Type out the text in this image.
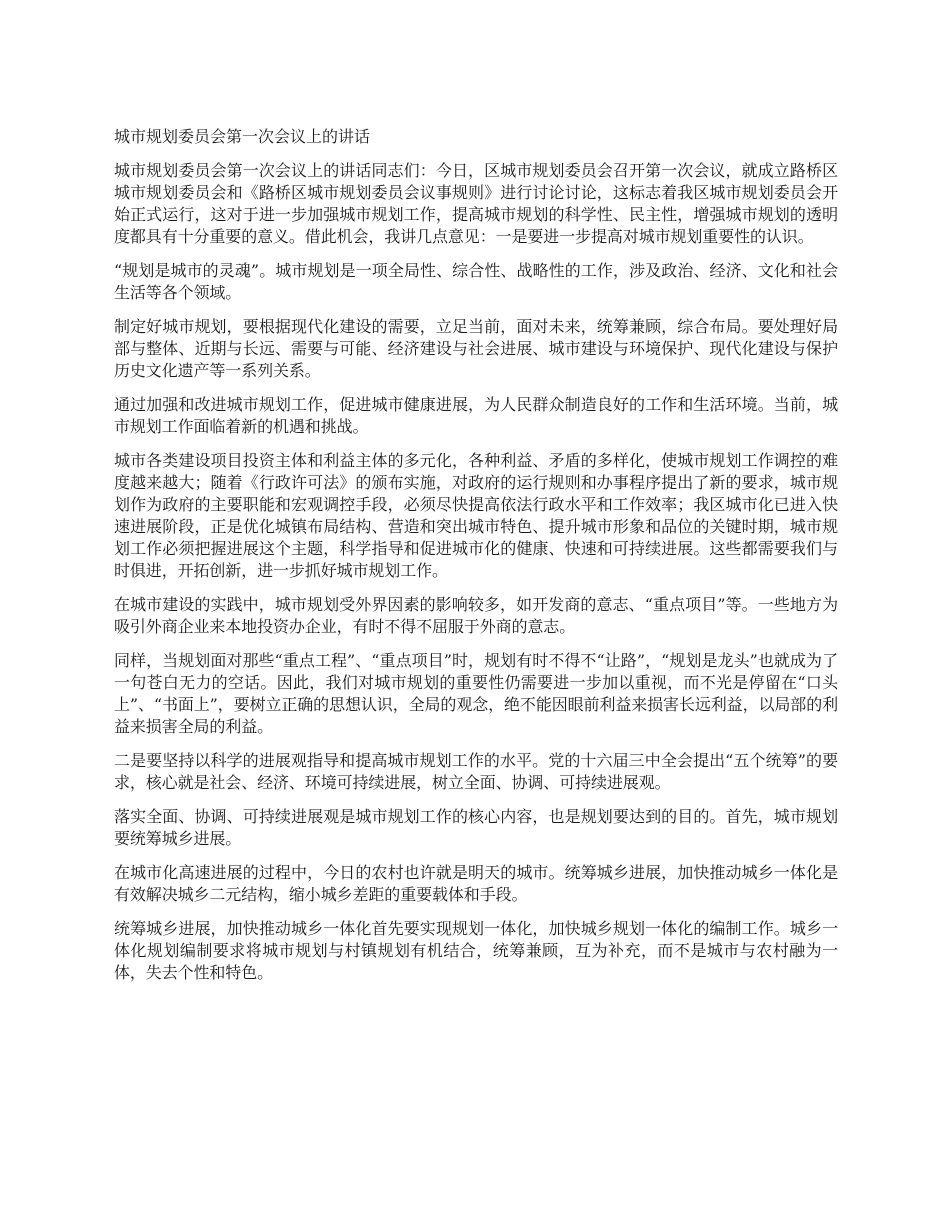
城市规划委员会第一次会议上的讲话

城市规划委员会第一次会议上的讲话同志们：今日，区城市规划委员会召开第一次会议，就成立路桥区城市规划委员会和《路桥区城市规划委员会议事规则》进行讨论讨论，这标志着我区城市规划委员会开始正式运行，这对于进一步加强城市规划工作，提高城市规划的科学性、民主性，增强城市规划的透明度都具有十分重要的意义。借此机会，我讲几点意见：一是要进一步提高对城市规划重要性的认识。

“规划是城市的灵魂”。城市规划是一项全局性、综合性、战略性的工作，涉及政治、经济、文化和社会生活等各个领域。

制定好城市规划，要根据现代化建设的需要，立足当前，面对未来，统筹兼顾，综合布局。要处理好局部与整体、近期与长远、需要与可能、经济建设与社会进展、城市建设与环境保护、现代化建设与保护历史文化遗产等一系列关系。

通过加强和改进城市规划工作，促进城市健康进展，为人民群众制造良好的工作和生活环境。当前，城市规划工作面临着新的机遇和挑战。

城市各类建设项目投资主体和利益主体的多元化，各种利益、矛盾的多样化，使城市规划工作调控的难度越来越大；随着《行政许可法》的颁布实施，对政府的运行规则和办事程序提出了新的要求，城市规划作为政府的主要职能和宏观调控手段，必须尽快提高依法行政水平和工作效率；我区城市化已进入快速进展阶段，正是优化城镇布局结构、营造和突出城市特色、提升城市形象和品位的关键时期，城市规划工作必须把握进展这个主题，科学指导和促进城市化的健康、快速和可持续进展。这些都需要我们与时俱进，开拓创新，进一步抓好城市规划工作。

在城市建设的实践中，城市规划受外界因素的影响较多，如开发商的意志、“重点项目”等。一些地方为吸引外商企业来本地投资办企业，有时不得不屈服于外商的意志。

同样，当规划面对那些“重点工程”、“重点项目”时，规划有时不得不“让路”，“规划是龙头”也就成为了一句苍白无力的空话。因此，我们对城市规划的重要性仍需要进一步加以重视，而不光是停留在“口头上”、“书面上”，要树立正确的思想认识，全局的观念，绝不能因眼前利益来损害长远利益，以局部的利益来损害全局的利益。

二是要坚持以科学的进展观指导和提高城市规划工作的水平。党的十六届三中全会提出“五个统筹”的要求，核心就是社会、经济、环境可持续进展，树立全面、协调、可持续进展观。

落实全面、协调、可持续进展观是城市规划工作的核心内容，也是规划要达到的目的。首先，城市规划要统筹城乡进展。

在城市化高速进展的过程中，今日的农村也许就是明天的城市。统筹城乡进展，加快推动城乡一体化是有效解决城乡二元结构，缩小城乡差距的重要载体和手段。

统筹城乡进展，加快推动城乡一体化首先要实现规划一体化，加快城乡规划一体化的编制工作。城乡一体化规划编制要求将城市规划与村镇规划有机结合，统筹兼顾，互为补充，而不是城市与农村融为一体，失去个性和特色。
